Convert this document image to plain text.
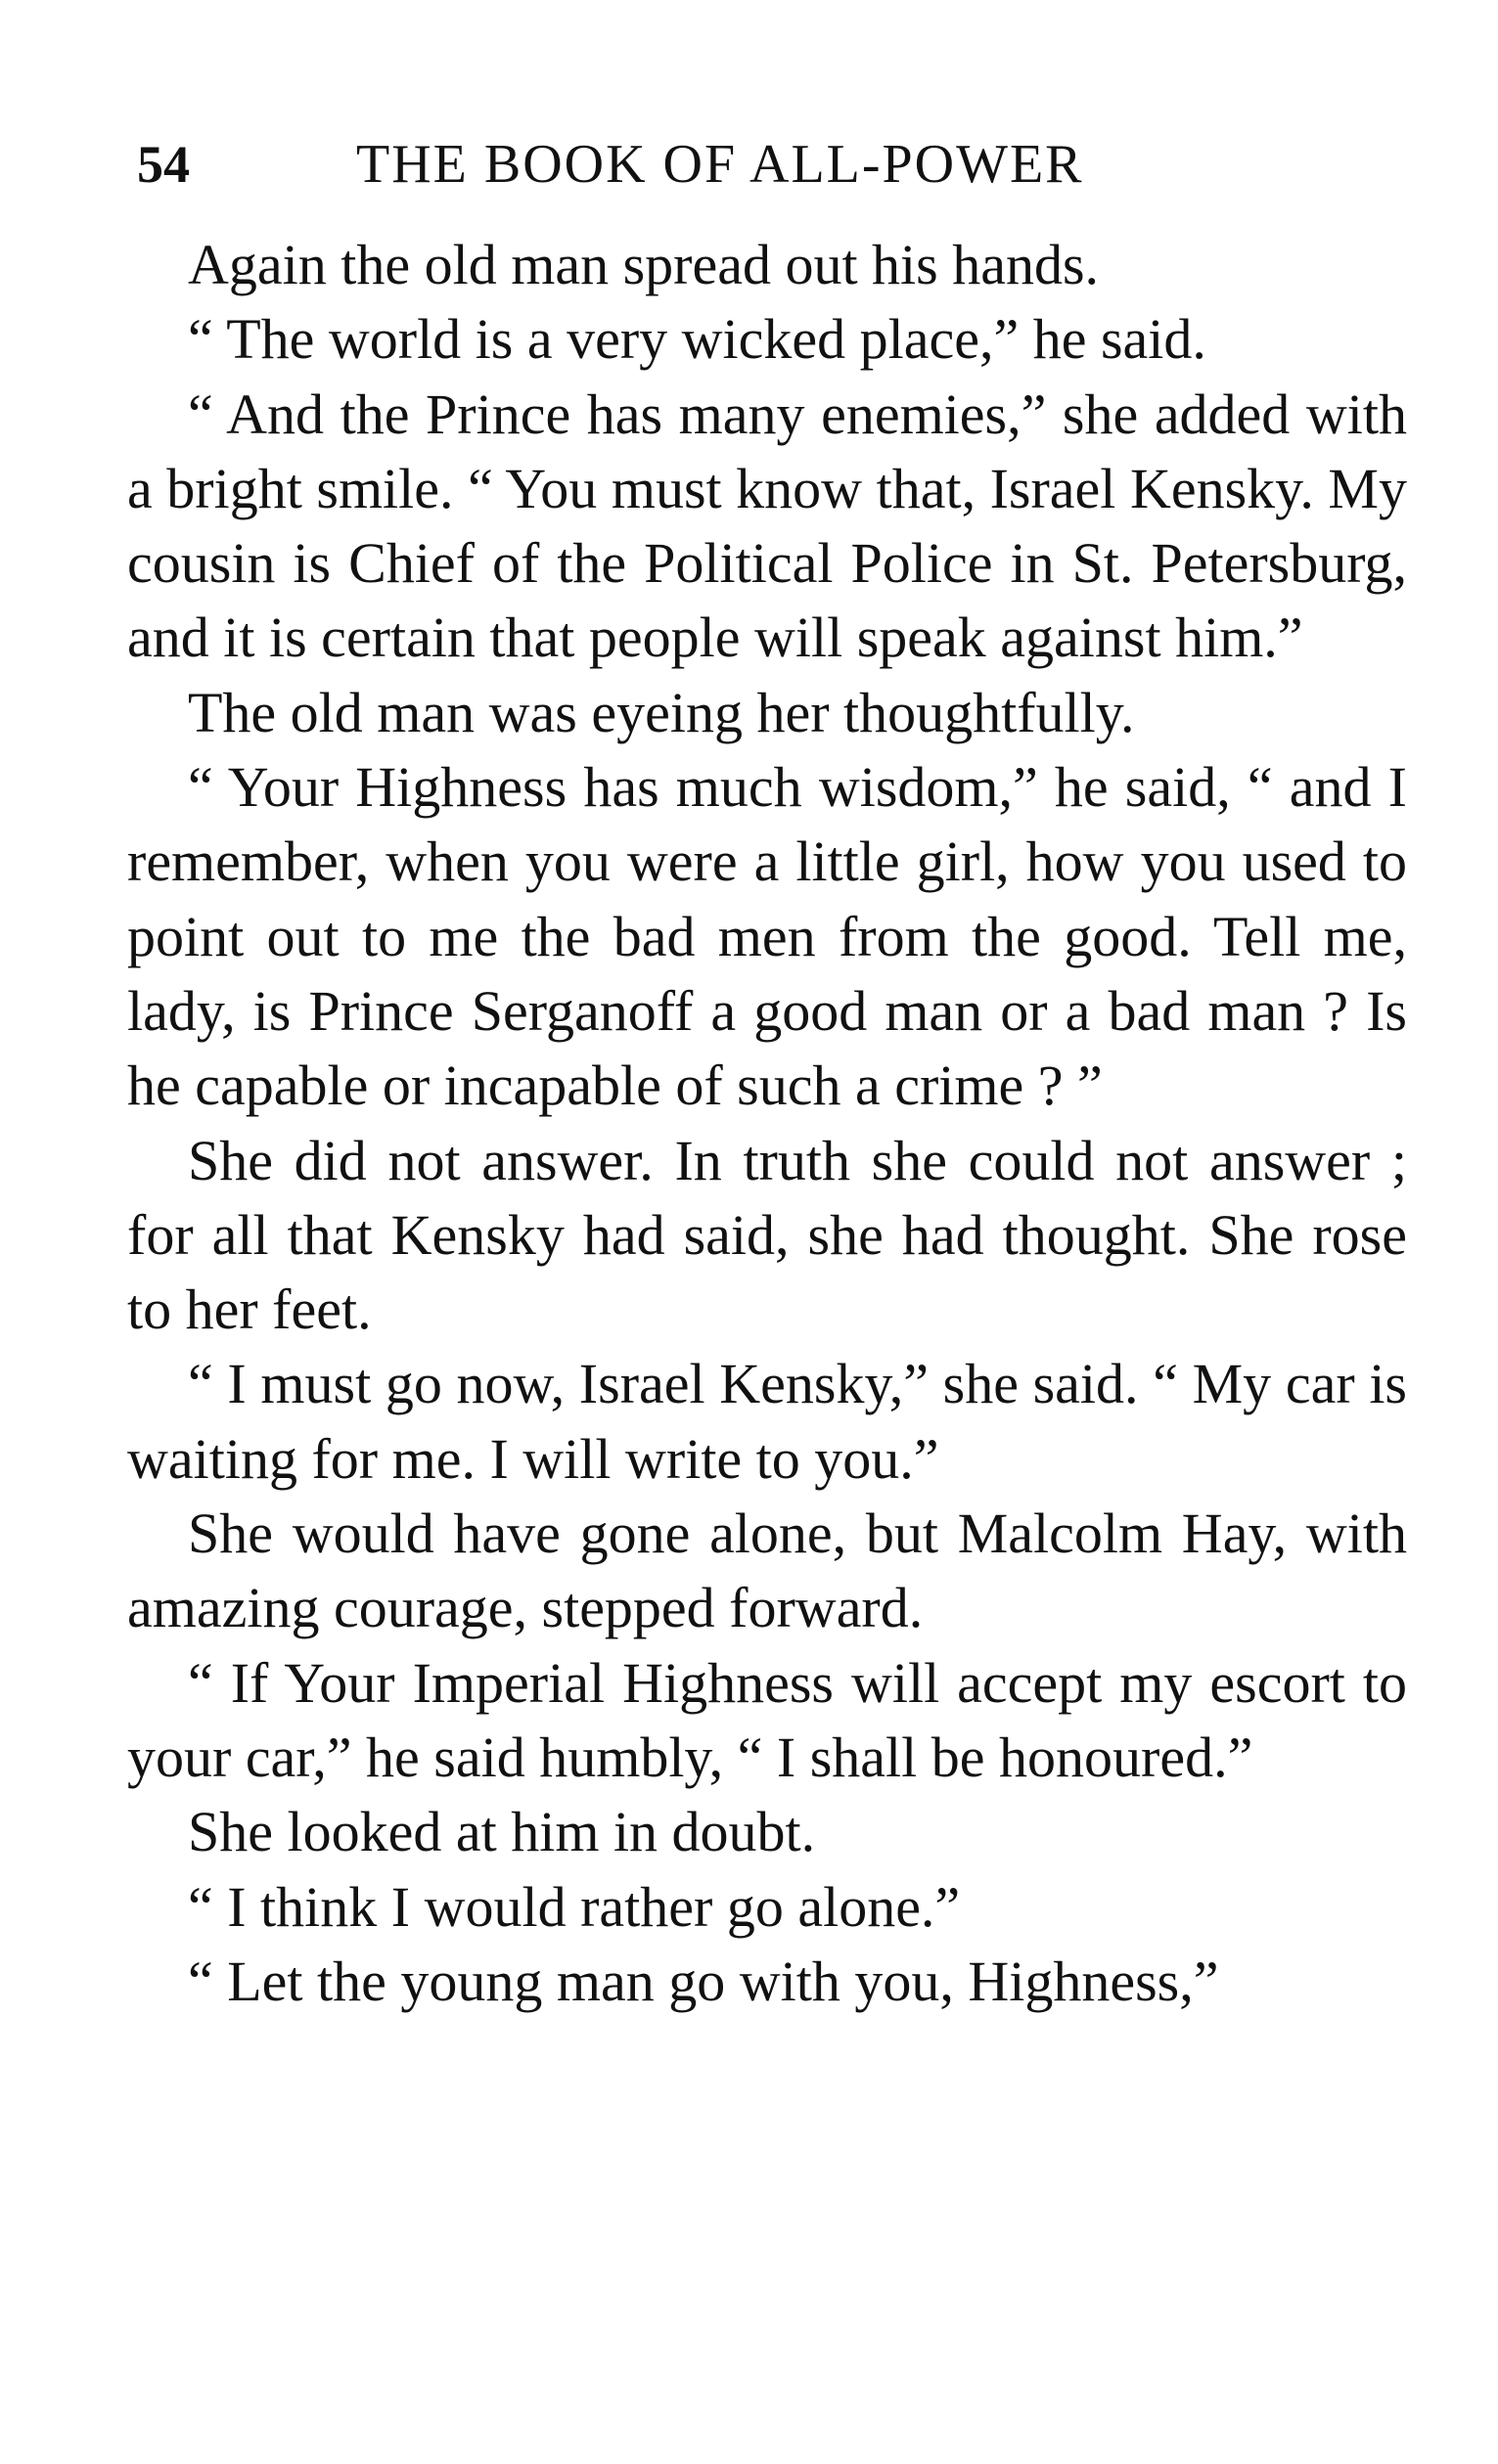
54	THE BOOK OF ALL-POWER

Again the old man spread out his hands.

“ The world is a very wicked place,” he said.

“ And the Prince has many enemies,” she added with a bright smile. “ You must know that, Israel Kensky. My cousin is Chief of the Political Police in St. Petersburg, and it is certain that people will speak against him.”

The old man was eyeing her thoughtfully.

“ Your Highness has much wisdom,” he said, “ and I remember, when you were a little girl, how you used to point out to me the bad men from the good. Tell me, lady, is Prince Serganoff a good man or a bad man ? Is he capable or incapable of such a crime ? ”

She did not answer. In truth she could not answer ; for all that Kensky had said, she had thought. She rose to her feet.

“ I must go now, Israel Kensky,” she said. “ My car is waiting for me. I will write to you.”

She would have gone alone, but Malcolm Hay, with amazing courage, stepped forward.

“ If Your Imperial Highness will accept my escort to your car,” he said humbly, “ I shall be honoured.”

She looked at him in doubt.

“ I think I would rather go alone.”

“ Let the young man go with you, Highness,”
